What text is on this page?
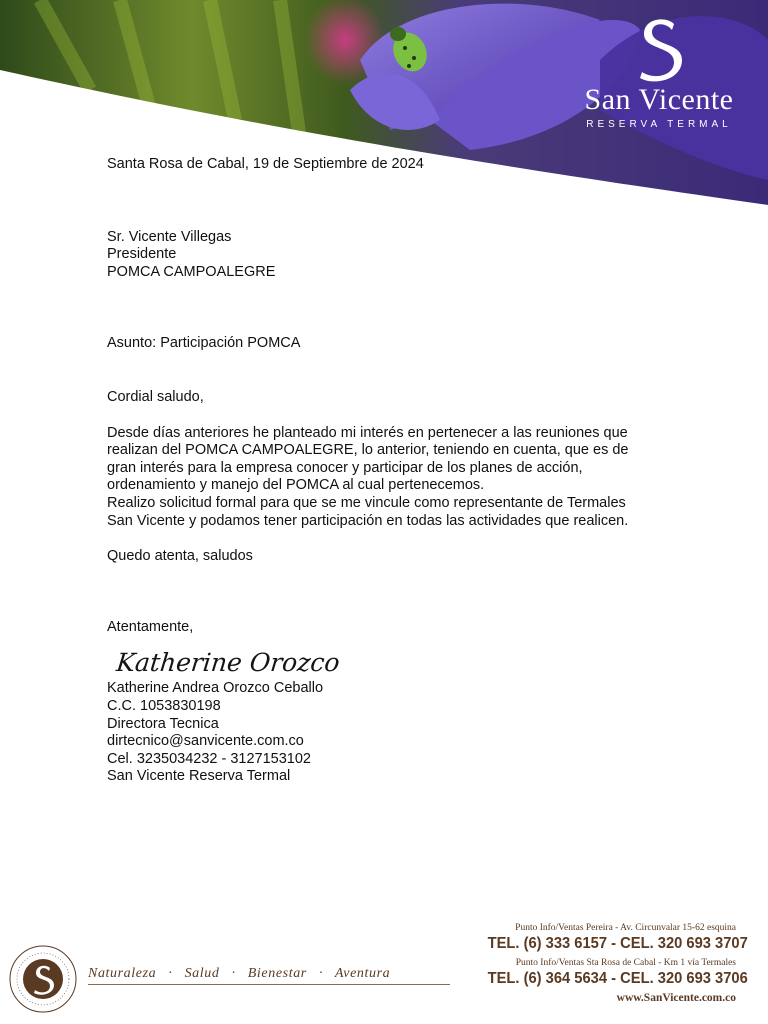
San Vicente
RESERVA TERMAL
Santa Rosa de Cabal, 19 de Septiembre de 2024
Sr. Vicente Villegas
Presidente
POMCA CAMPOALEGRE
Asunto: Participación POMCA
Cordial saludo,
Desde días anteriores he planteado mi interés en pertenecer a las reuniones que
realizan del POMCA CAMPOALEGRE, lo anterior, teniendo en cuenta, que es de
gran interés para la empresa conocer y participar de los planes de acción,
ordenamiento y manejo del POMCA al cual pertenecemos.
Realizo solicitud formal para que se me vincule como representante de Termales
San Vicente y podamos tener participación en todas las actividades que realicen.
Quedo atenta, saludos
Atentamente,
Katherine Orozco
Katherine Andrea Orozco Ceballo
C.C. 1053830198
Directora Tecnica
dirtecnico@sanvicente.com.co
Cel. 3235034232 - 3127153102
San Vicente Reserva Termal
Naturaleza · Salud · Bienestar · Aventura
Punto Info/Ventas Pereira - Av. Circunvalar 15-62 esquina
TEL. (6) 333 6157 - CEL. 320 693 3707
Punto Info/Ventas Sta Rosa de Cabal - Km 1 vía Termales
TEL. (6) 364 5634 - CEL. 320 693 3706
www.SanVicente.com.co
